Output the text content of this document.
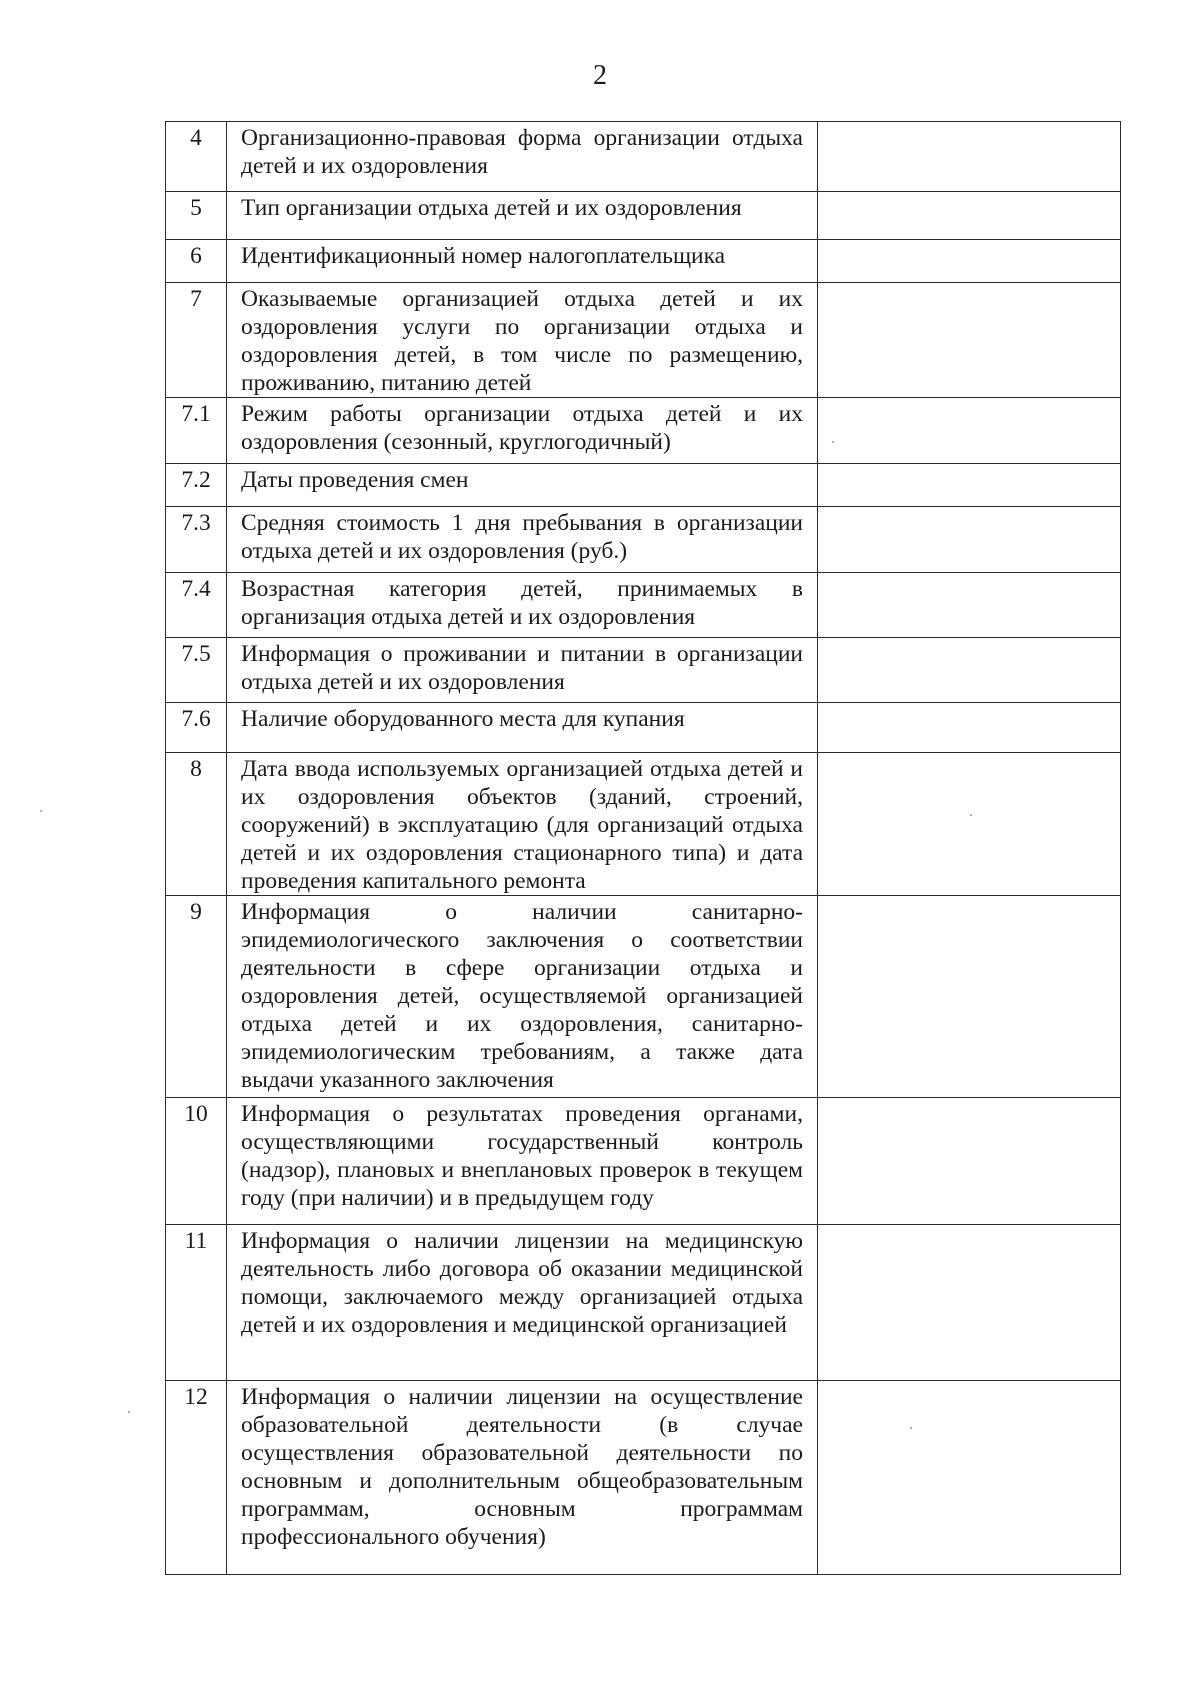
2
4	Организационно-правовая форма организации отдыха детей и их оздоровления	
5	Тип организации отдыха детей и их оздоровления	
6	Идентификационный номер налогоплательщика	
7	Оказываемые организацией отдыха детей и их оздоровления услуги по организации отдыха и оздоровления детей, в том числе по размещению, проживанию, питанию детей	
7.1	Режим работы организации отдыха детей и их оздоровления (сезонный, круглогодичный)	
7.2	Даты проведения смен	
7.3	Средняя стоимость 1 дня пребывания в организации отдыха детей и их оздоровления (руб.)	
7.4	Возрастная категория детей, принимаемых в организация отдыха детей и их оздоровления	
7.5	Информация о проживании и питании в организации отдыха детей и их оздоровления	
7.6	Наличие оборудованного места для купания	
8	Дата ввода используемых организацией отдыха детей и их оздоровления объектов (зданий, строений, сооружений) в эксплуатацию (для организаций отдыха детей и их оздоровления стационарного типа) и дата проведения капитального ремонта	
9	Информация о наличии санитарно-эпидемиологического заключения о соответствии деятельности в сфере организации отдыха и оздоровления детей, осуществляемой организацией отдыха детей и их оздоровления, санитарно-эпидемиологическим требованиям, а также дата выдачи указанного заключения	
10	Информация о результатах проведения органами, осуществляющими государственный контроль (надзор), плановых и внеплановых проверок в текущем году (при наличии) и в предыдущем году	
11	Информация о наличии лицензии на медицинскую деятельность либо договора об оказании медицинской помощи, заключаемого между организацией отдыха детей и их оздоровления и медицинской организацией	
12	Информация о наличии лицензии на осуществление образовательной деятельности (в случае осуществления образовательной деятельности по основным и дополнительным общеобразовательным программам, основным программам профессионального обучения)	
